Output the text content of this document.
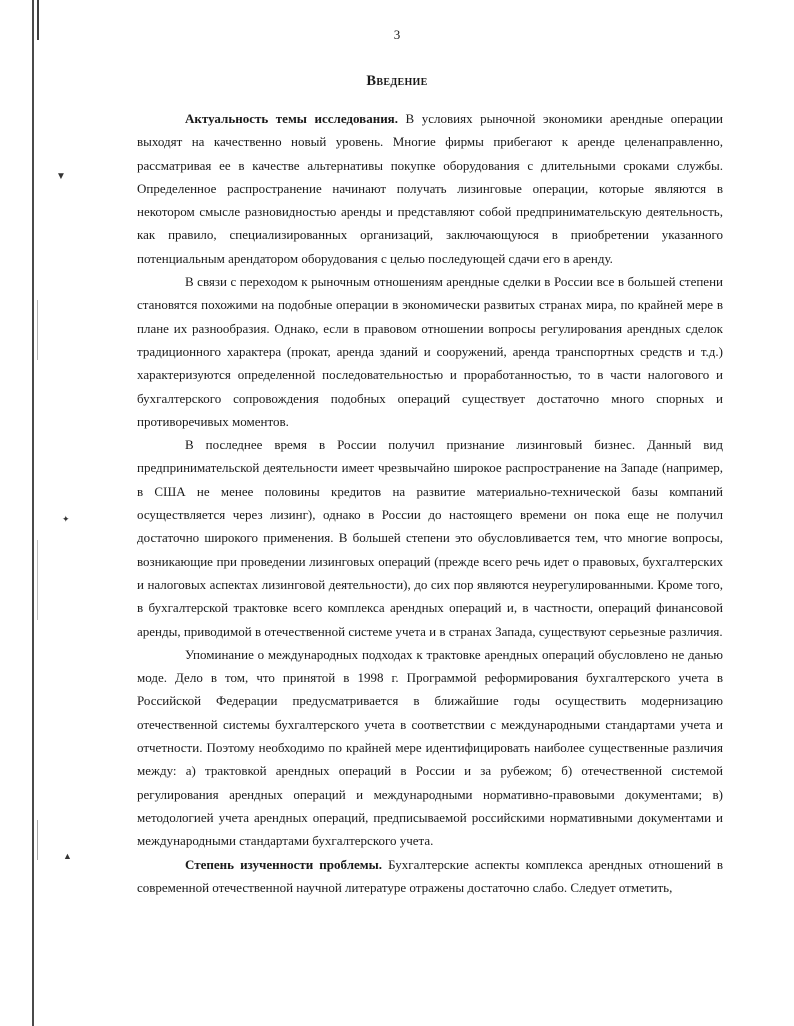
▼
✦
▲
3
Введение

Актуальность темы исследования. В условиях рыночной экономики арендные операции выходят на качественно новый уровень. Многие фирмы прибегают к аренде целенаправленно, рассматривая ее в качестве альтернативы покупке оборудования с длительными сроками службы. Определенное распространение начинают получать лизинговые операции, которые являются в некотором смысле разновидностью аренды и представляют собой предпринимательскую деятельность, как правило, специализированных организаций, заключающуюся в приобретении указанного потенциальным арендатором оборудования с целью последующей сдачи его в аренду.

В связи с переходом к рыночным отношениям арендные сделки в России все в большей степени становятся похожими на подобные операции в экономически развитых странах мира, по крайней мере в плане их разнообразия. Однако, если в правовом отношении вопросы регулирования арендных сделок традиционного характера (прокат, аренда зданий и сооружений, аренда транспортных средств и т.д.) характеризуются определенной последовательностью и проработанностью, то в части налогового и бухгалтерского сопровождения подобных операций существует достаточно много спорных и противоречивых моментов.

В последнее время в России получил признание лизинговый бизнес. Данный вид предпринимательской деятельности имеет чрезвычайно широкое распространение на Западе (например, в США не менее половины кредитов на развитие материально-технической базы компаний осуществляется через лизинг), однако в России до настоящего времени он пока еще не получил достаточно широкого применения. В большей степени это обусловливается тем, что многие вопросы, возникающие при проведении лизинговых операций (прежде всего речь идет о правовых, бухгалтерских и налоговых аспектах лизинговой деятельности), до сих пор являются неурегулированными. Кроме того, в бухгалтерской трактовке всего комплекса арендных операций и, в частности, операций финансовой аренды, приводимой в отечественной системе учета и в странах Запада, существуют серьезные различия.

Упоминание о международных подходах к трактовке арендных операций обусловлено не данью моде. Дело в том, что принятой в 1998 г. Программой реформирования бухгалтерского учета в Российской Федерации предусматривается в ближайшие годы осуществить модернизацию отечественной системы бухгалтерского учета в соответствии с международными стандартами учета и отчетности. Поэтому необходимо по крайней мере идентифицировать наиболее существенные различия между: а) трактовкой арендных операций в России и за рубежом; б) отечественной системой регулирования арендных операций и международными нормативно-правовыми документами; в) методологией учета арендных операций, предписываемой российскими нормативными документами и международными стандартами бухгалтерского учета.

Степень изученности проблемы. Бухгалтерские аспекты комплекса арендных отношений в современной отечественной научной литературе отражены достаточно слабо. Следует отметить,
